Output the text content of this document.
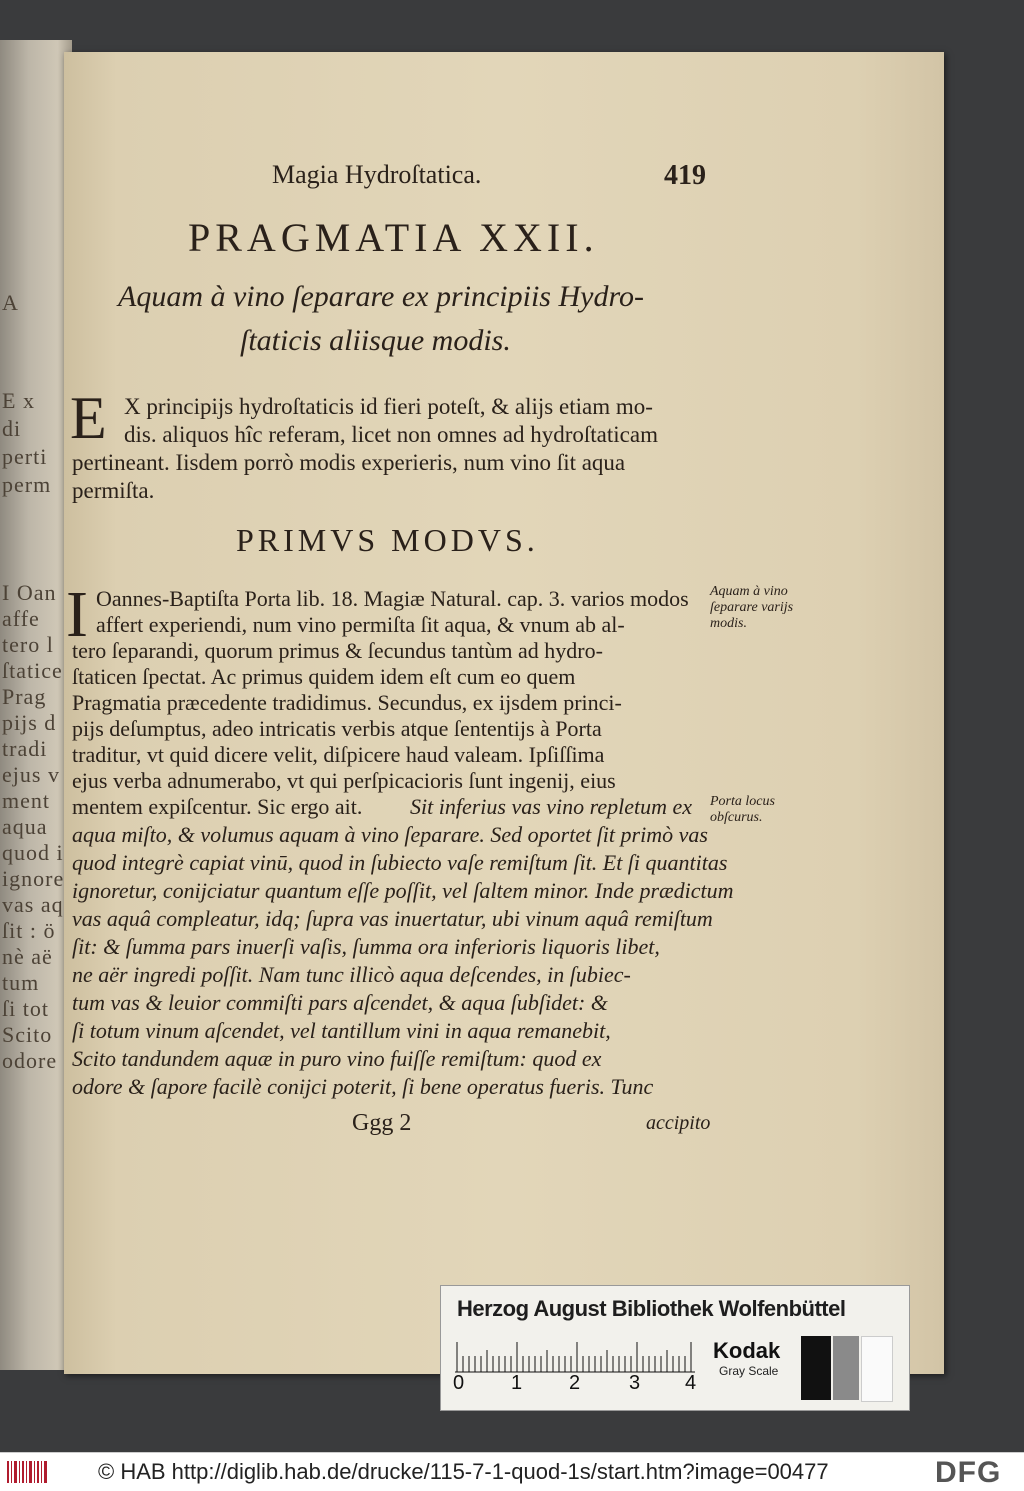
A
E x
di
perti
perm
I Oan
affe
tero l
ſtatice
Prag
pijs d
tradi
ejus v
ment
aqua
quod i
ignore
vas aq
ſit : ö
nè aë
tum
ſi tot
Scito
odore
Magia Hydroſtatica.	419
PRAGMATIA XXII.
Aquam à vino ſeparare ex principiis Hydro-
ſtaticis aliisque modis.
E X principijs hydroſtaticis id fieri poteſt, & alijs etiam mo-
dis. aliquos hîc referam, licet non omnes ad hydroſtaticam
pertineant. Iisdem porrò modis experieris, num vino ſit aqua
permiſta.
PRIMVS MODVS.
I Oannes-Baptiſta Porta lib. 18. Magiæ Natural. cap. 3. varios modos
affert experiendi, num vino permiſta ſit aqua, & vnum ab al-
tero ſeparandi, quorum primus & ſecundus tantùm ad hydro-
ſtaticen ſpectat. Ac primus quidem idem eſt cum eo quem
Pragmatia præcedente tradidimus. Secundus, ex ijsdem princi-
pijs deſumptus, adeo intricatis verbis atque ſententijs à Porta
traditur, vt quid dicere velit, diſpicere haud valeam. Ipſiſſima
ejus verba adnumerabo, vt qui perſpicacioris ſunt ingenij, eius
mentem expiſcentur. Sic ergo ait. Sit inferius vas vino repletum ex
aqua miſto, & volumus aquam à vino ſeparare. Sed oportet ſit primò vas
quod integrè capiat vinū, quod in ſubiecto vaſe remiſtum ſit. Et ſi quantitas
ignoretur, conijciatur quantum eſſe poſſit, vel ſaltem minor. Inde prædictum
vas aquâ compleatur, idq; ſupra vas inuertatur, ubi vinum aquâ remiſtum
ſit: & ſumma pars inuerſi vaſis, ſumma ora inferioris liquoris libet,
ne aër ingredi poſſit. Nam tunc illicò aqua deſcendes, in ſubiec-
tum vas & leuior commiſti pars aſcendet, & aqua ſubſidet: &
ſi totum vinum aſcendet, vel tantillum vini in aqua remanebit,
Scito tandundem aquæ in puro vino fuiſſe remiſtum: quod ex
odore & ſapore facilè conijci poterit, ſi bene operatus fueris. Tunc
Aquam à vino ſeparare varijs modis.
Porta locus obſcurus.
Ggg 2	accipito
Herzog August Bibliothek Wolfenbüttel
0 1 2 3 4
Kodak
Gray Scale
© HAB http://diglib.hab.de/drucke/115-7-1-quod-1s/start.htm?image=00477	DFG
